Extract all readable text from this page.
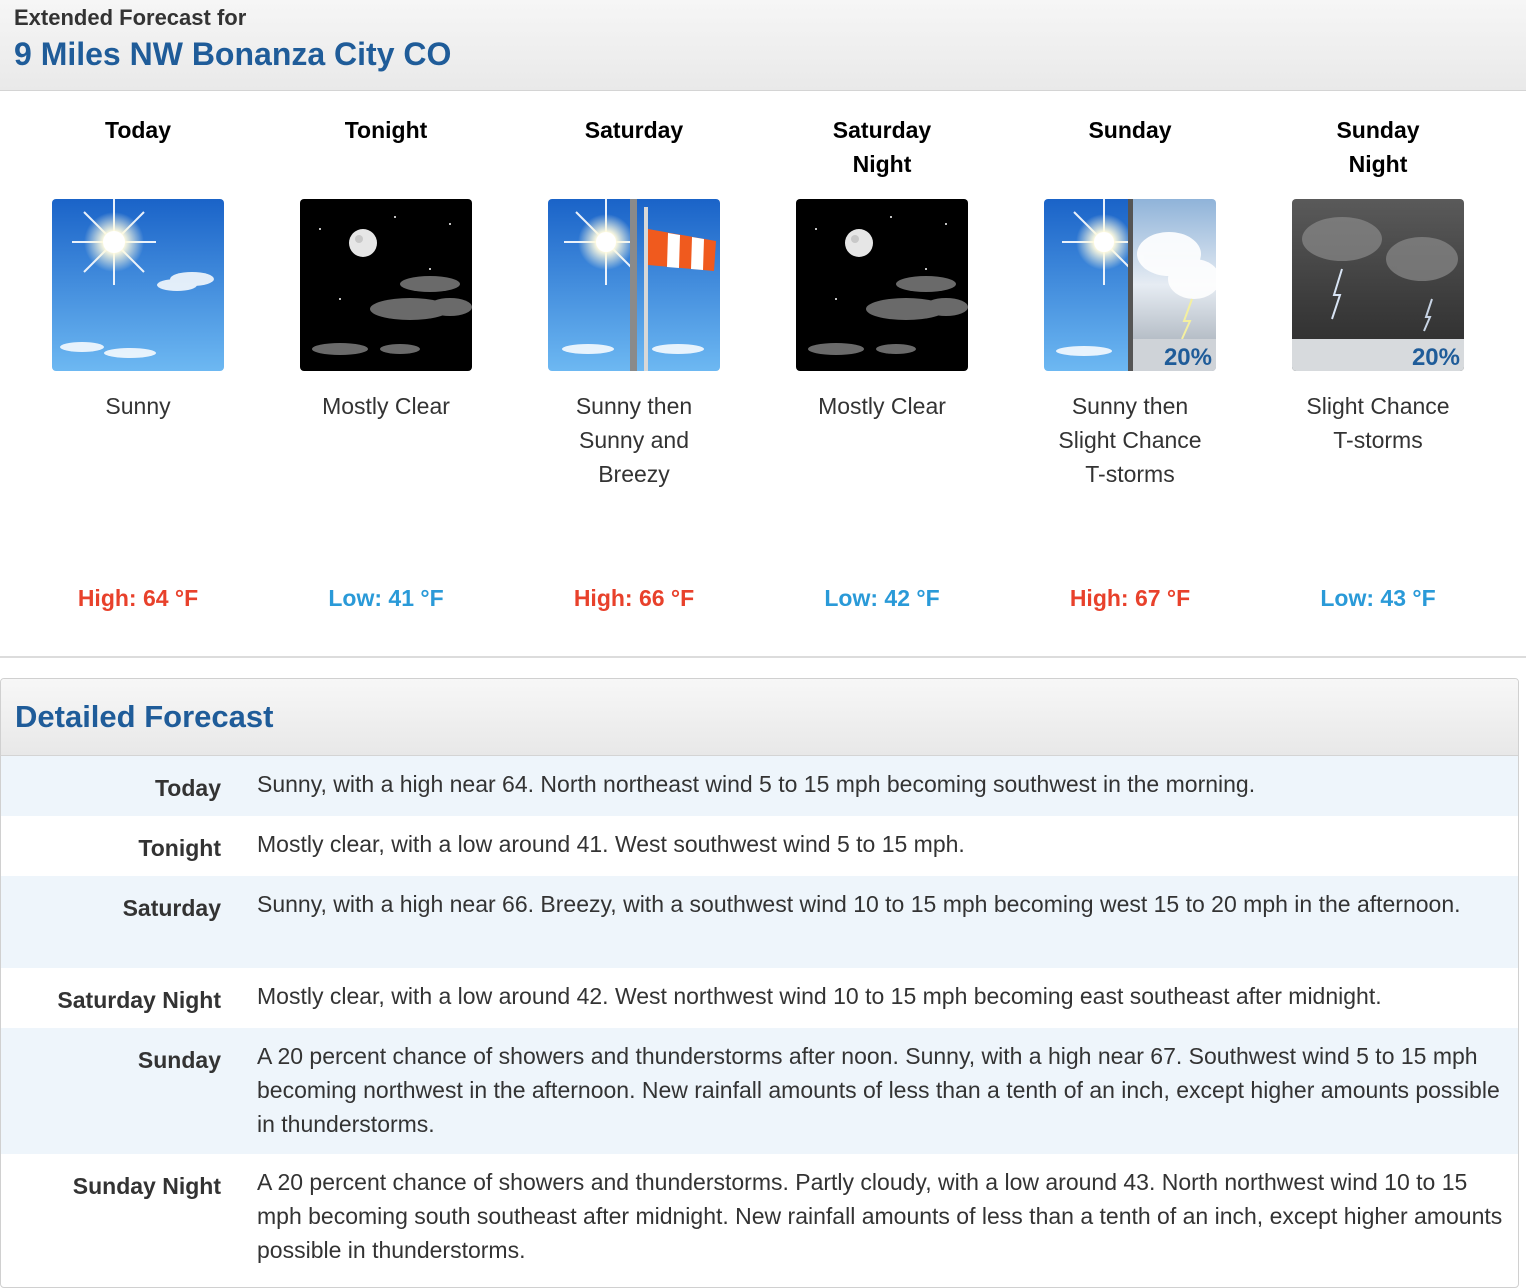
Extended Forecast for
9 Miles NW Bonanza City CO
Today
Sunny
High: 64 °F
Tonight
Mostly Clear
Low: 41 °F
Saturday
Sunny then
Sunny and
Breezy
High: 66 °F
Saturday
Night
Mostly Clear
Low: 42 °F
Sunday
20%
Sunny then
Slight Chance
T-storms
High: 67 °F
Sunday
Night
20%
Slight Chance
T-storms
Low: 43 °F
Detailed Forecast
Today Sunny, with a high near 64. North northeast wind 5 to 15 mph becoming southwest in the morning.
Tonight Mostly clear, with a low around 41. West southwest wind 5 to 15 mph.
Saturday Sunny, with a high near 66. Breezy, with a southwest wind 10 to 15 mph becoming west 15 to 20 mph in the afternoon.
Saturday Night Mostly clear, with a low around 42. West northwest wind 10 to 15 mph becoming east southeast after midnight.
Sunday A 20 percent chance of showers and thunderstorms after noon. Sunny, with a high near 67. Southwest wind 5 to 15 mph becoming northwest in the afternoon. New rainfall amounts of less than a tenth of an inch, except higher amounts possible in thunderstorms.
Sunday Night A 20 percent chance of showers and thunderstorms. Partly cloudy, with a low around 43. North northwest wind 10 to 15 mph becoming south southeast after midnight. New rainfall amounts of less than a tenth of an inch, except higher amounts possible in thunderstorms.
